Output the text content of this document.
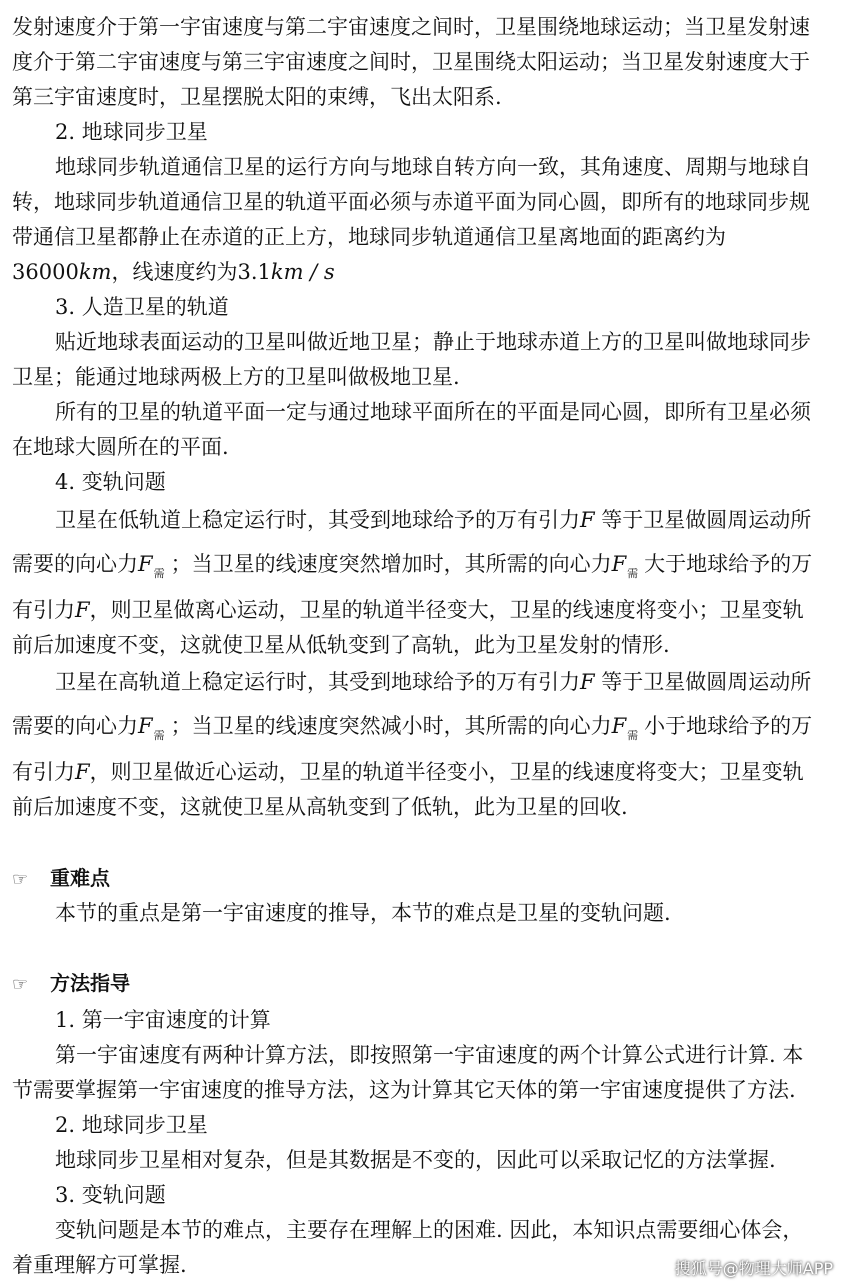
发射速度介于第一宇宙速度与第二宇宙速度之间时，卫星围绕地球运动；当卫星发射速
度介于第二宇宙速度与第三宇宙速度之间时，卫星围绕太阳运动；当卫星发射速度大于
第三宇宙速度时，卫星摆脱太阳的束缚，飞出太阳系.
2. 地球同步卫星
地球同步轨道通信卫星的运行方向与地球自转方向一致，其角速度、周期与地球自
转，地球同步轨道通信卫星的轨道平面必须与赤道平面为同心圆，即所有的地球同步规
带通信卫星都静止在赤道的正上方，地球同步轨道通信卫星离地面的距离约为
36000km，线速度约为3.1km / s
3. 人造卫星的轨道
贴近地球表面运动的卫星叫做近地卫星；静止于地球赤道上方的卫星叫做地球同步
卫星；能通过地球两极上方的卫星叫做极地卫星.
所有的卫星的轨道平面一定与通过地球平面所在的平面是同心圆，即所有卫星必须
在地球大圆所在的平面.
4. 变轨问题
卫星在低轨道上稳定运行时，其受到地球给予的万有引力F 等于卫星做圆周运动所
需要的向心力$F_需$ ；当卫星的线速度突然增加时，其所需的向心力$F_需$ 大于地球给予的万
有引力F，则卫星做离心运动，卫星的轨道半径变大，卫星的线速度将变小；卫星变轨
前后加速度不变，这就使卫星从低轨变到了高轨，此为卫星发射的情形.
卫星在高轨道上稳定运行时，其受到地球给予的万有引力F 等于卫星做圆周运动所
需要的向心力$F_需$ ；当卫星的线速度突然减小时，其所需的向心力$F_需$ 小于地球给予的万
有引力F，则卫星做近心运动，卫星的轨道半径变小，卫星的线速度将变大；卫星变轨
前后加速度不变，这就使卫星从高轨变到了低轨，此为卫星的回收.
☞ 重难点
本节的重点是第一宇宙速度的推导，本节的难点是卫星的变轨问题.
☞ 方法指导
1. 第一宇宙速度的计算
第一宇宙速度有两种计算方法，即按照第一宇宙速度的两个计算公式进行计算. 本
节需要掌握第一宇宙速度的推导方法，这为计算其它天体的第一宇宙速度提供了方法.
2. 地球同步卫星
地球同步卫星相对复杂，但是其数据是不变的，因此可以采取记忆的方法掌握.
3. 变轨问题
变轨问题是本节的难点，主要存在理解上的困难. 因此，本知识点需要细心体会，
着重理解方可掌握.	搜狐号@物理大师APP
